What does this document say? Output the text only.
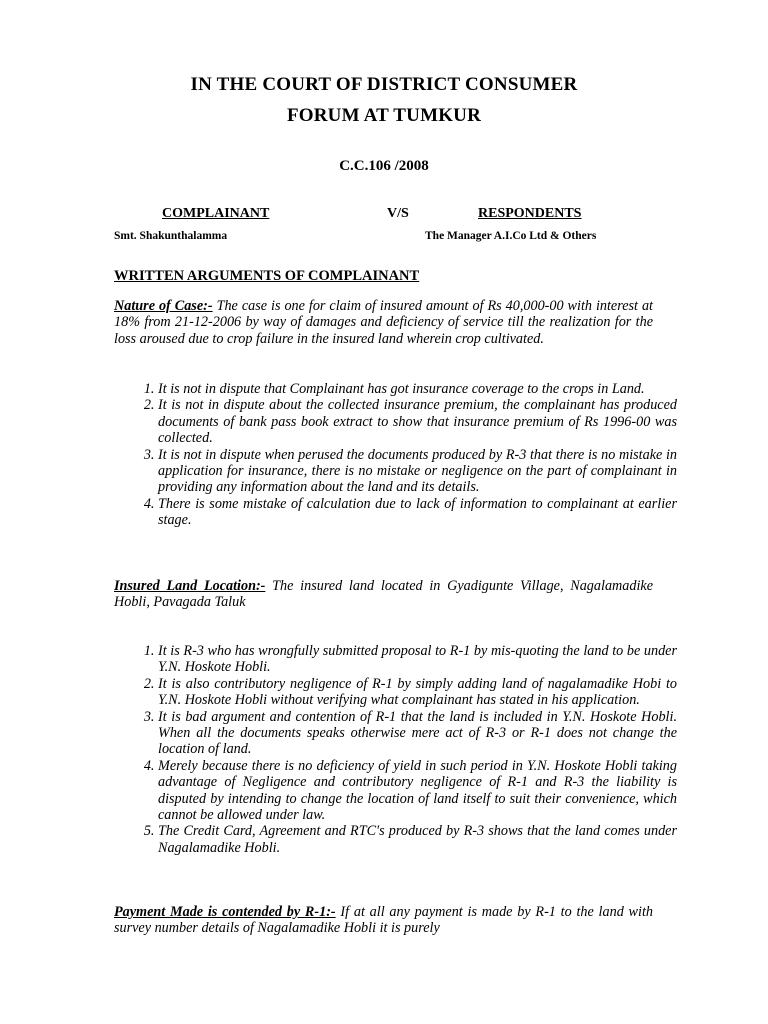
IN THE COURT OF DISTRICT CONSUMER
FORUM AT TUMKUR
C.C.106 /2008
COMPLAINANT	V/S	RESPONDENTS
Smt. Shakunthalamma	The Manager A.I.Co Ltd & Others
WRITTEN ARGUMENTS OF COMPLAINANT

Nature of Case:- The case is one for claim of insured amount of Rs 40,000-00 with interest at 18% from 21-12-2006 by way of damages and deficiency of service till the realization for the loss aroused due to crop failure in the insured land wherein crop cultivated.

1. It is not in dispute that Complainant has got insurance coverage to the crops in Land.
2. It is not in dispute about the collected insurance premium, the complainant has produced documents of bank pass book extract to show that insurance premium of Rs 1996-00 was collected.
3. It is not in dispute when perused the documents produced by R-3 that there is no mistake in application for insurance, there is no mistake or negligence on the part of complainant in providing any information about the land and its details.
4. There is some mistake of calculation due to lack of information to complainant at earlier stage.

Insured Land Location:- The insured land located in Gyadigunte Village, Nagalamadike Hobli, Pavagada Taluk

1. It is R-3 who has wrongfully submitted proposal to R-1 by mis-quoting the land to be under Y.N. Hoskote Hobli.
2. It is also contributory negligence of R-1 by simply adding land of nagalamadike Hobi to Y.N. Hoskote Hobli without verifying what complainant has stated in his application.
3. It is bad argument and contention of R-1 that the land is included in Y.N. Hoskote Hobli. When all the documents speaks otherwise mere act of R-3 or R-1 does not change the location of land.
4. Merely because there is no deficiency of yield in such period in Y.N. Hoskote Hobli taking advantage of Negligence and contributory negligence of R-1 and R-3 the liability is disputed by intending to change the location of land itself to suit their convenience, which cannot be allowed under law.
5. The Credit Card, Agreement and RTC's produced by R-3 shows that the land comes under Nagalamadike Hobli.

Payment Made is contended by R-1:- If at all any payment is made by R-1 to the land with survey number details of Nagalamadike Hobli it is purely
